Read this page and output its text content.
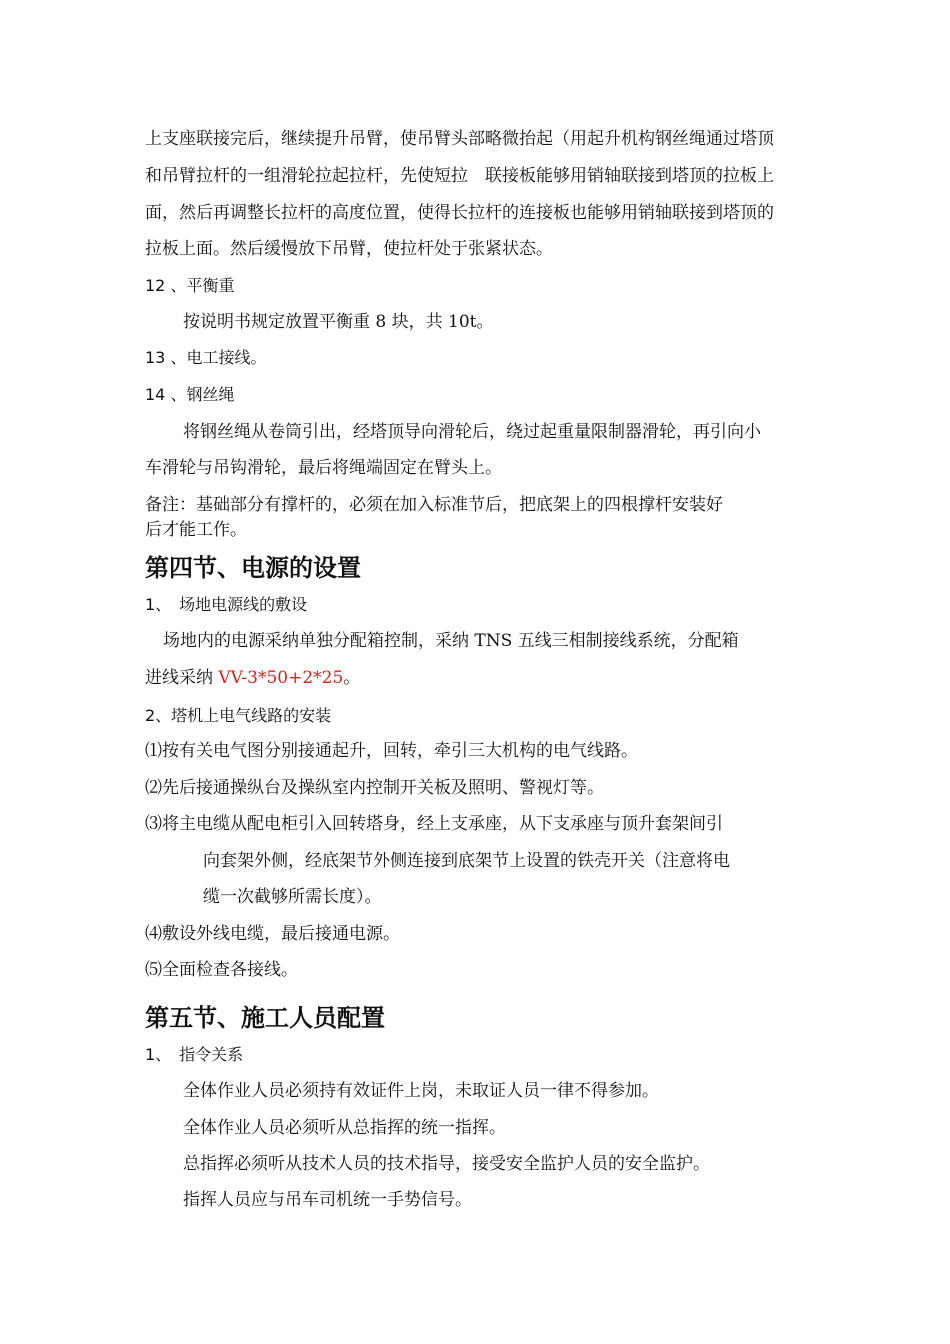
上支座联接完后，继续提升吊臂，使吊臂头部略微抬起（用起升机构钢丝绳通过塔顶
和吊臂拉杆的一组滑轮拉起拉杆，先使短拉　联接板能够用销轴联接到塔顶的拉板上
面，然后再调整长拉杆的高度位置，使得长拉杆的连接板也能够用销轴联接到塔顶的
拉板上面。然后缓慢放下吊臂，使拉杆处于张紧状态。
12 、平衡重
按说明书规定放置平衡重 8 块，共 10t。
13 、电工接线。
14 、钢丝绳
将钢丝绳从卷筒引出，经塔顶导向滑轮后，绕过起重量限制器滑轮，再引向小
车滑轮与吊钩滑轮，最后将绳端固定在臂头上。
备注：基础部分有撑杆的，必须在加入标准节后，把底架上的四根撑杆安装好
后才能工作。
第四节、电源的设置
1、　场地电源线的敷设
场地内的电源采纳单独分配箱控制，采纳 TNS 五线三相制接线系统，分配箱
进线采纳 VV-3*50+2*25。
2、塔机上电气线路的安装
⑴按有关电气图分别接通起升，回转，牵引三大机构的电气线路。
⑵先后接通操纵台及操纵室内控制开关板及照明、警视灯等。
⑶将主电缆从配电柜引入回转塔身，经上支承座，从下支承座与顶升套架间引
向套架外侧，经底架节外侧连接到底架节上设置的铁壳开关（注意将电
缆一次截够所需长度）。
⑷敷设外线电缆，最后接通电源。
⑸全面检查各接线。
第五节、施工人员配置
1、　指令关系
全体作业人员必须持有效证件上岗，未取证人员一律不得参加。
全体作业人员必须听从总指挥的统一指挥。
总指挥必须听从技术人员的技术指导，接受安全监护人员的安全监护。
指挥人员应与吊车司机统一手势信号。
